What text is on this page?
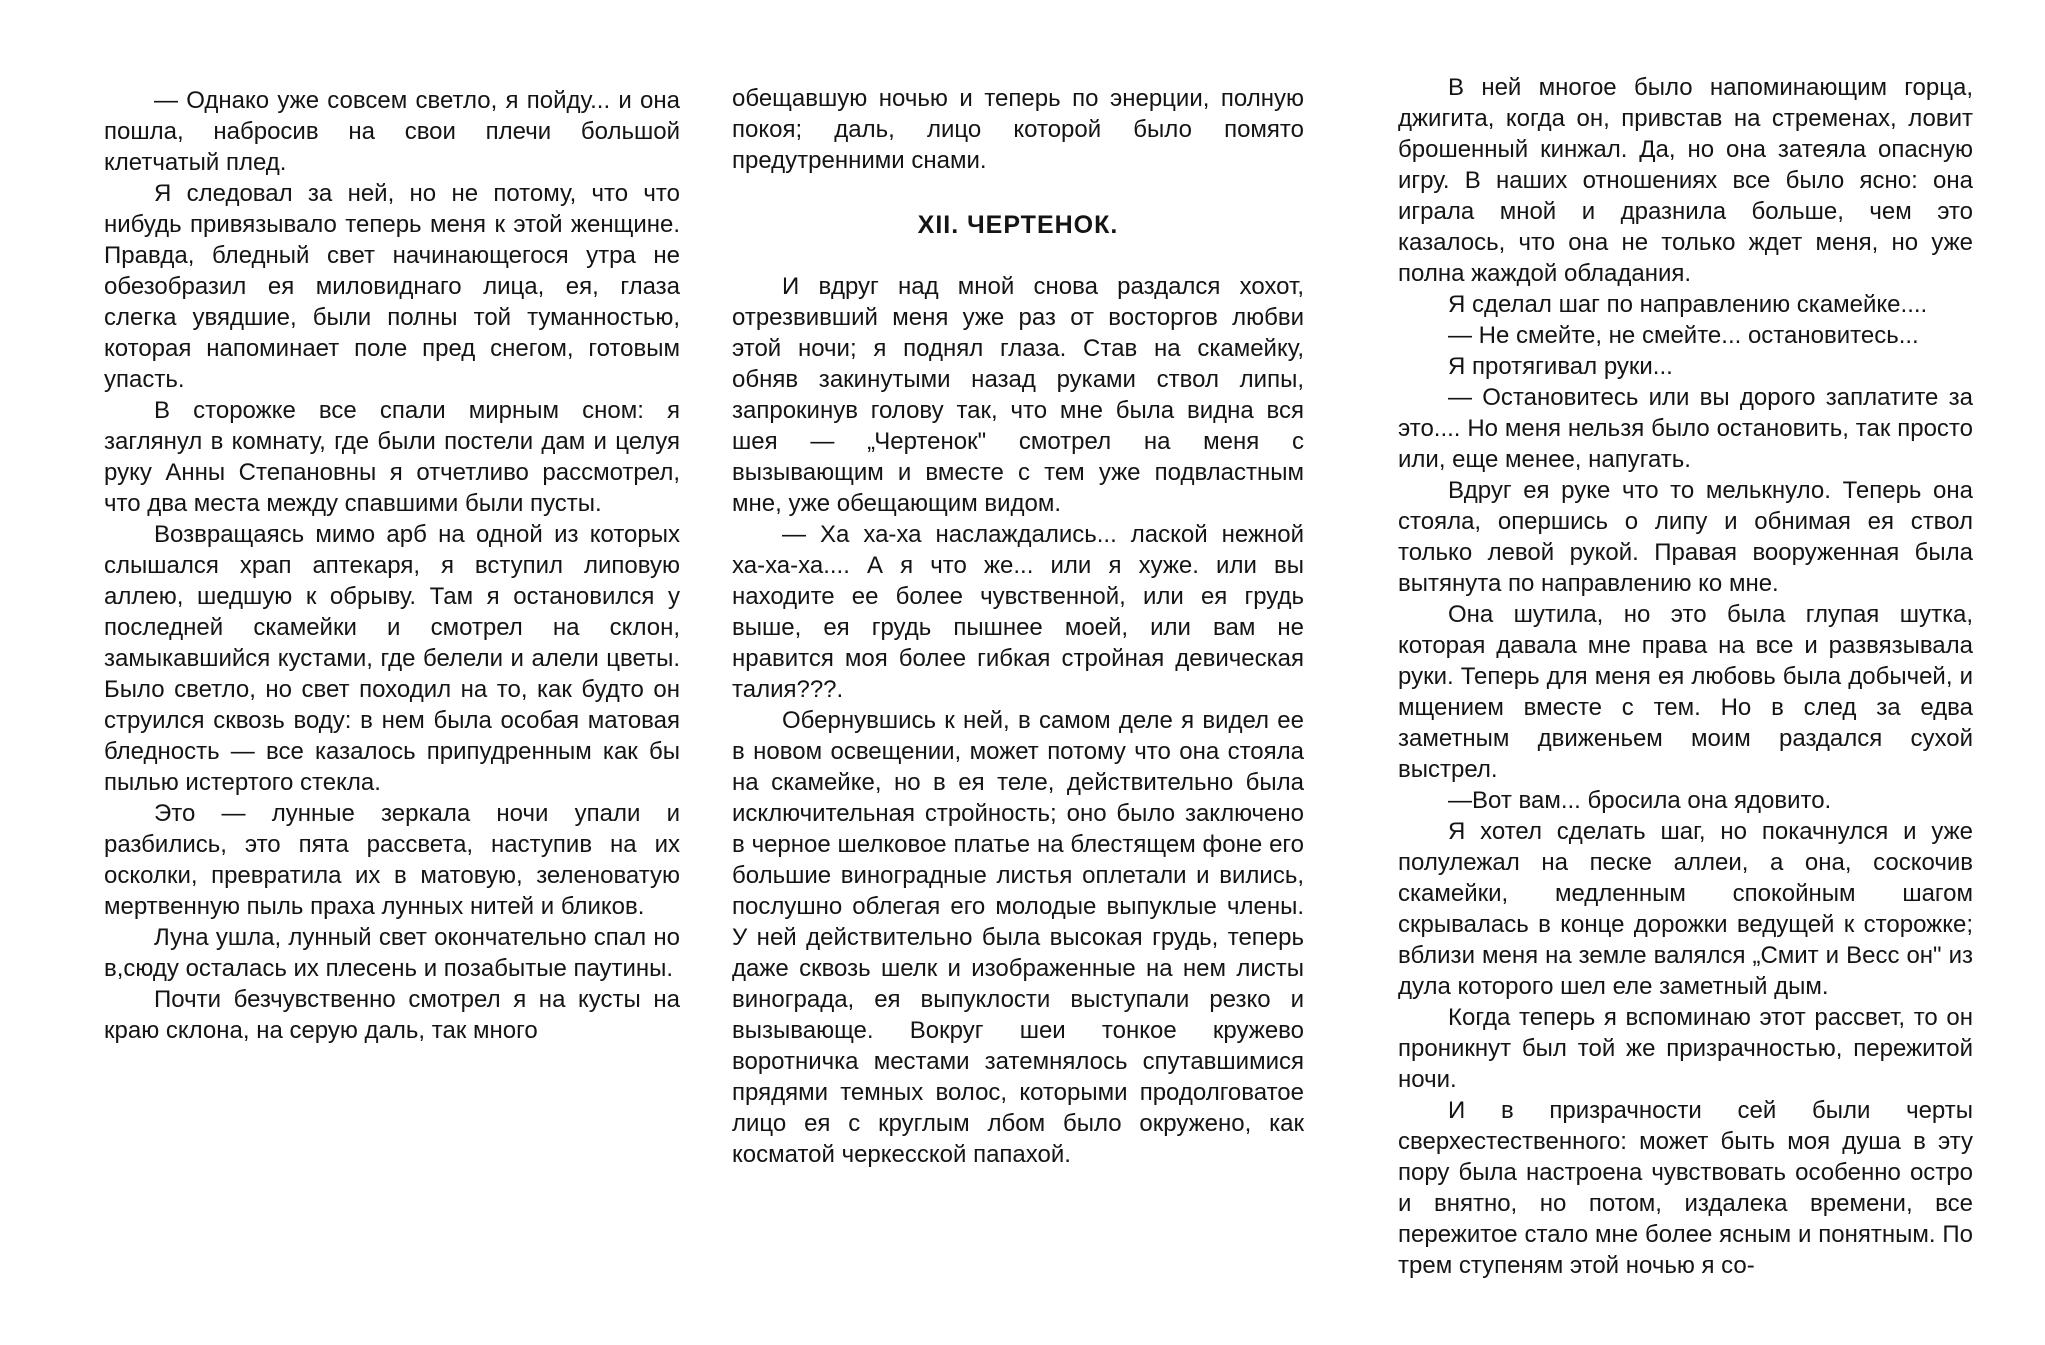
— Однако уже совсем светло, я пойду... и она пошла, набросив на свои плечи большой клетчатый плед.

Я следовал за ней, но не потому, что что нибудь привязывало теперь меня к этой женщине. Правда, бледный свет начинающегося утра не обезобразил ея миловиднаго лица, ея, глаза слегка увядшие, были полны той туманностью, которая напоминает поле пред снегом, готовым упасть.

В сторожке все спали мирным сном: я заглянул в комнату, где были постели дам и целуя руку Анны Степановны я отчетливо рассмотрел, что два места между спавшими были пусты.

Возвращаясь мимо арб на одной из которых слышался храп аптекаря, я вступил липовую аллею, шедшую к обрыву. Там я остановился у последней скамейки и смотрел на склон, замыкавшийся кустами, где белели и алели цветы. Было светло, но свет походил на то, как будто он струился сквозь воду: в нем была особая матовая бледность — все казалось припудренным как бы пылью истертого стекла.

Это — лунные зеркала ночи упали и разбились, это пята рассвета, наступив на их осколки, превратила их в матовую, зеленоватую мертвенную пыль праха лунных нитей и бликов.

Луна ушла, лунный свет окончательно спал но в,сюду осталась их плесень и позабытые паутины.

Почти безчувственно смотрел я на кусты на краю склона, на серую даль, так много

обещавшую ночью и теперь по энерции, полную покоя; даль, лицо которой было помято предутренними снами.

XII. ЧЕРТЕНОК.

И вдруг над мной снова раздался хохот, отрезвивший меня уже раз от восторгов любви этой ночи; я поднял глаза. Став на скамейку, обняв закинутыми назад руками ствол липы, запрокинув голову так, что мне была видна вся шея — „Чертенок" смотрел на меня с вызывающим и вместе с тем уже подвластным мне, уже обещающим видом.

— Ха ха-ха наслаждались... лаской нежной ха-ха-ха.... А я что же... или я хуже. или вы находите ее более чувственной, или ея грудь выше, ея грудь пышнее моей, или вам не нравится моя более гибкая стройная девическая талия???.

Обернувшись к ней, в самом деле я видел ее в новом освещении, может потому что она стояла на скамейке, но в ея теле, действительно была исключительная стройность; оно было заключено в черное шелковое платье на блестящем фоне его большие виноградные листья оплетали и вились, послушно облегая его молодые выпуклые члены. У ней действительно была высокая грудь, теперь даже сквозь шелк и изображенные на нем листы винограда, ея выпуклости выступали резко и вызывающе. Вокруг шеи тонкое кружево воротничка местами затемнялось спутавшимися прядями темных волос, которыми продолговатое лицо ея с круглым лбом было окружено, как косматой черкесской папахой.

В ней многое было напоминающим горца, джигита, когда он, привстав на стременах, ловит брошенный кинжал. Да, но она затеяла опасную игру. В наших отношениях все было ясно: она играла мной и дразнила больше, чем это казалось, что она не только ждет меня, но уже полна жаждой обладания.

Я сделал шаг по направлению скамейке....

— Не смейте, не смейте... остановитесь...

Я протягивал руки...

— Остановитесь или вы дорого заплатите за это.... Но меня нельзя было остановить, так просто или, еще менее, напугать.

Вдруг ея руке что то мелькнуло. Теперь она стояла, опершись о липу и обнимая ея ствол только левой рукой. Правая вооруженная была вытянута по направлению ко мне.

Она шутила, но это была глупая шутка, которая давала мне права на все и развязывала руки. Теперь для меня ея любовь была добычей, и мщением вместе с тем. Но в след за едва заметным движеньем моим раздался сухой выстрел.

—Вот вам... бросила она ядовито.

Я хотел сделать шаг, но покачнулся и уже полулежал на песке аллеи, а она, соскочив скамейки, медленным спокойным шагом скрывалась в конце дорожки ведущей к сторожке; вблизи меня на земле валялся „Смит и Весс он" из дула которого шел еле заметный дым.

Когда теперь я вспоминаю этот рассвет, то он проникнут был той же призрачностью, пережитой ночи.

И в призрачности сей были черты сверхестественного: может быть моя душа в эту пору была настроена чувствовать особенно остро и внятно, но потом, издалека времени, все пережитое стало мне более ясным и понятным. По трем ступеням этой ночью я со-
